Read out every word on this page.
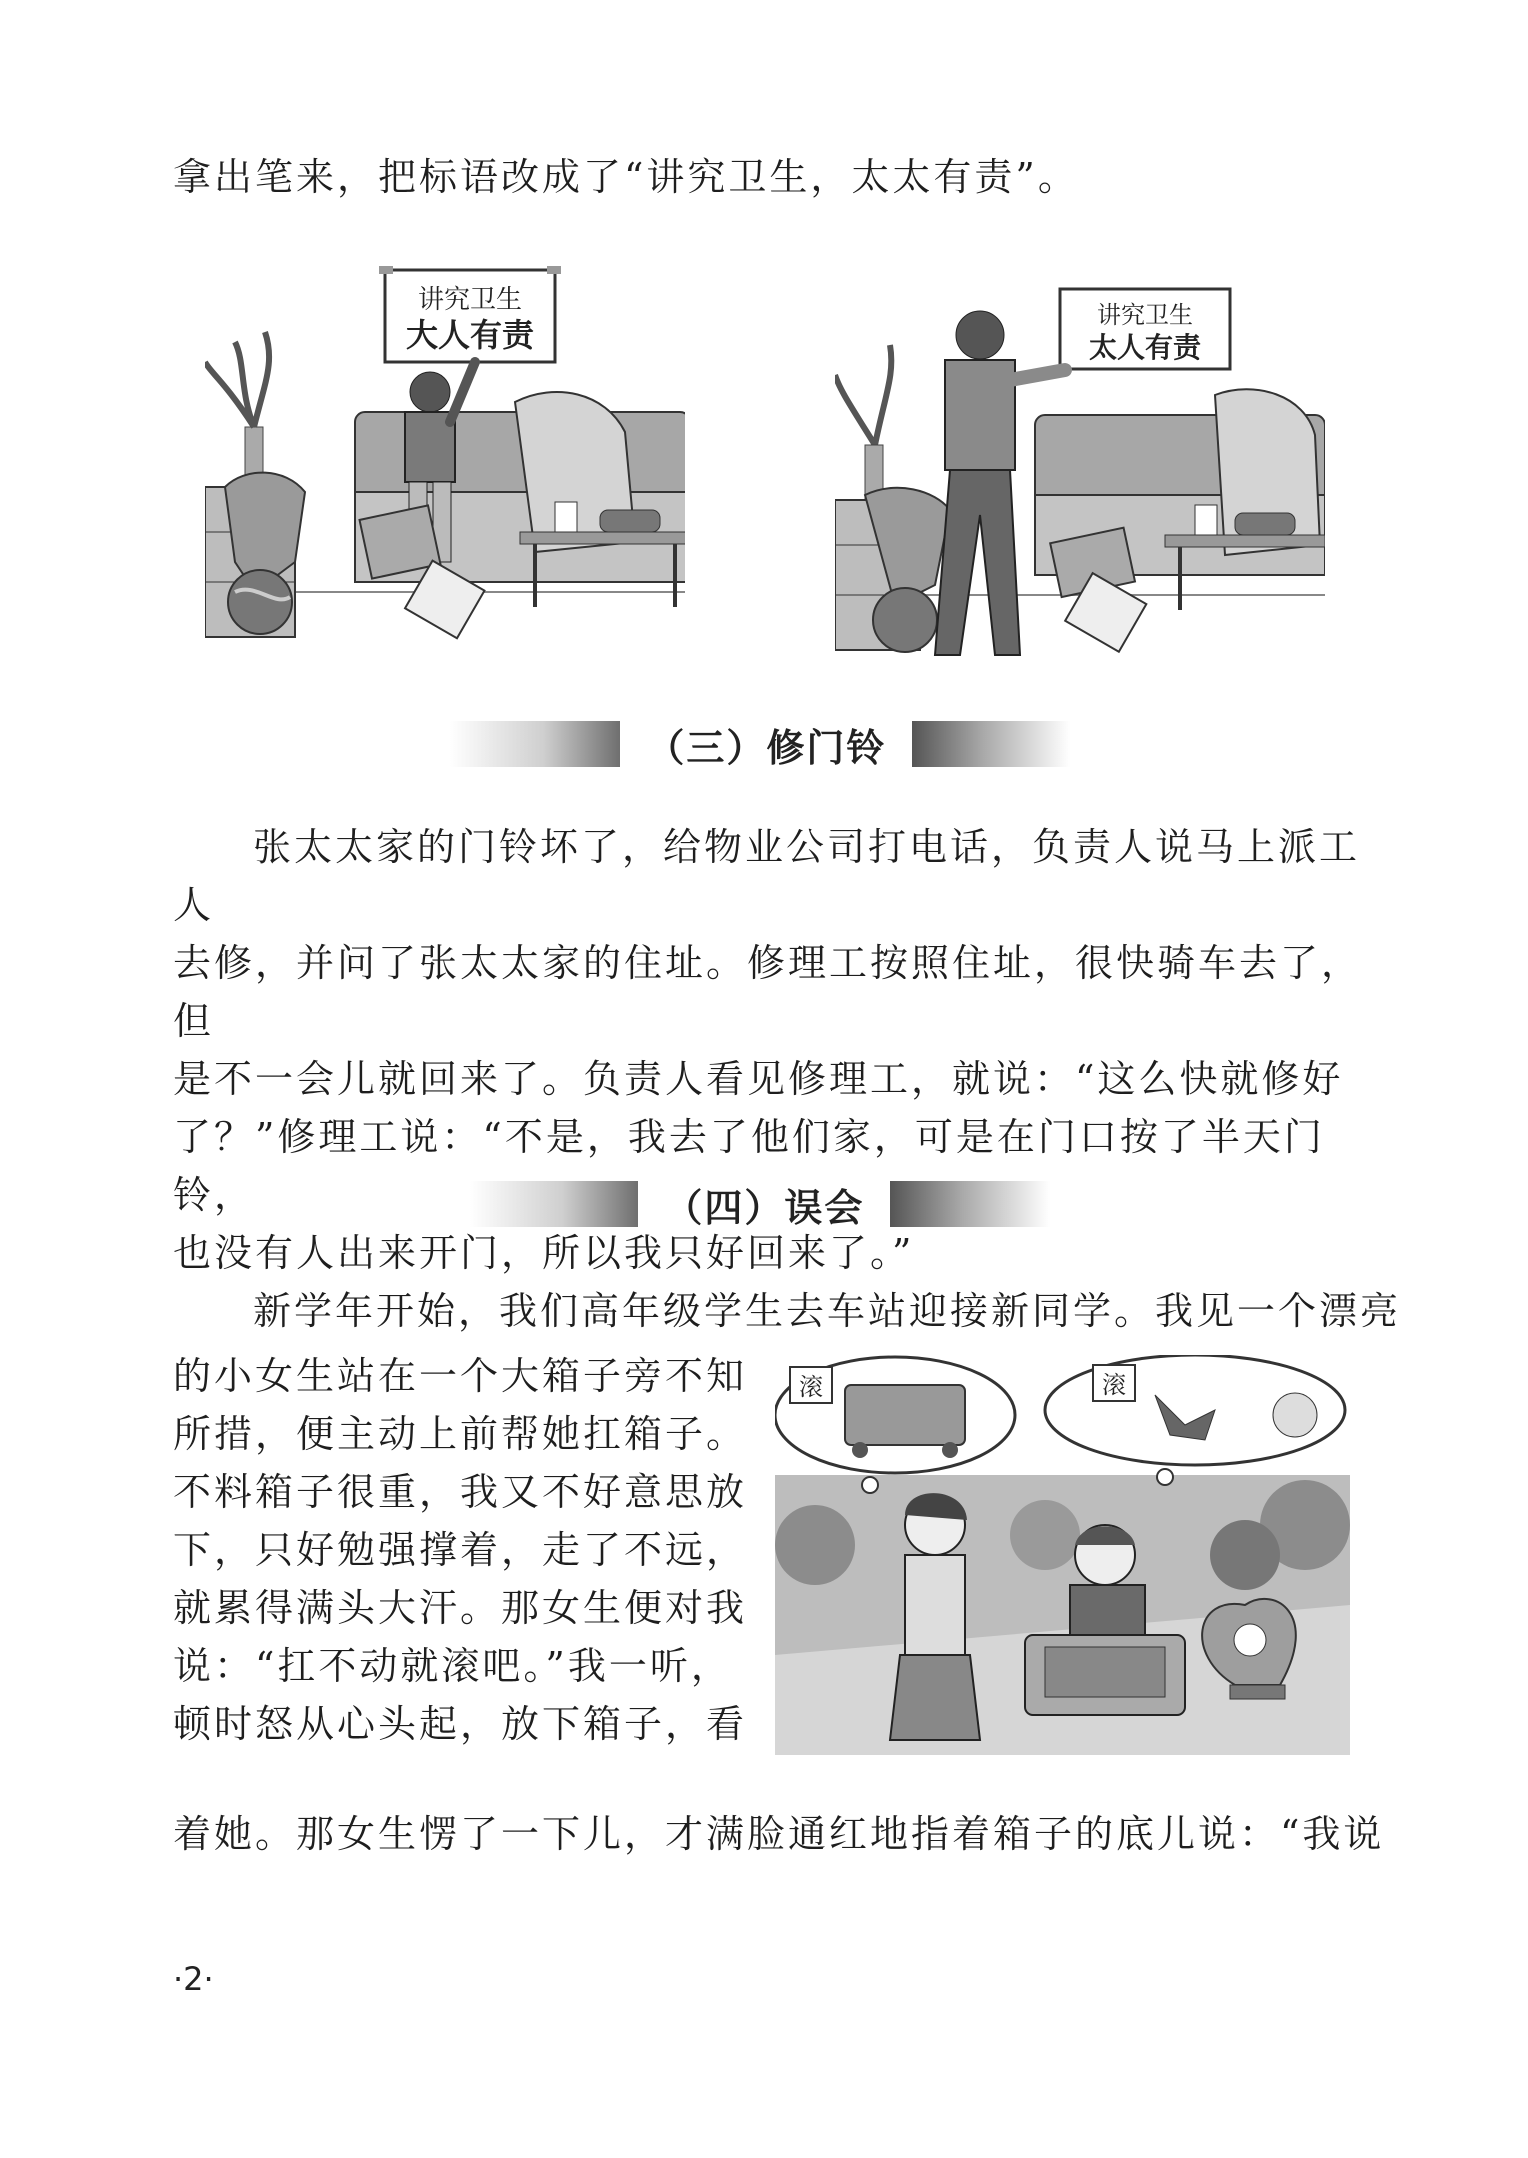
拿出笔来，把标语改成了“讲究卫生，太太有责”。

讲究卫生
大人有责
讲究卫生
太人有责
（三）修门铃
张太太家的门铃坏了，给物业公司打电话，负责人说马上派工人
去修，并问了张太太家的住址。修理工按照住址，很快骑车去了，但
是不一会儿就回来了。负责人看见修理工，就说：“这么快就修好
了？”修理工说：“不是，我去了他们家，可是在门口按了半天门铃，
也没有人出来开门，所以我只好回来了。”
（四）误会

新学年开始，我们高年级学生去车站迎接新同学。我见一个漂亮

的小女生站在一个大箱子旁不知
所措，便主动上前帮她扛箱子。
不料箱子很重，我又不好意思放
下，只好勉强撑着，走了不远，
就累得满头大汗。那女生便对我
说：“扛不动就滚吧。”我一听，
顿时怒从心头起，放下箱子，看
滚	滚

着她。那女生愣了一下儿，才满脸通红地指着箱子的底儿说：“我说

·2·
